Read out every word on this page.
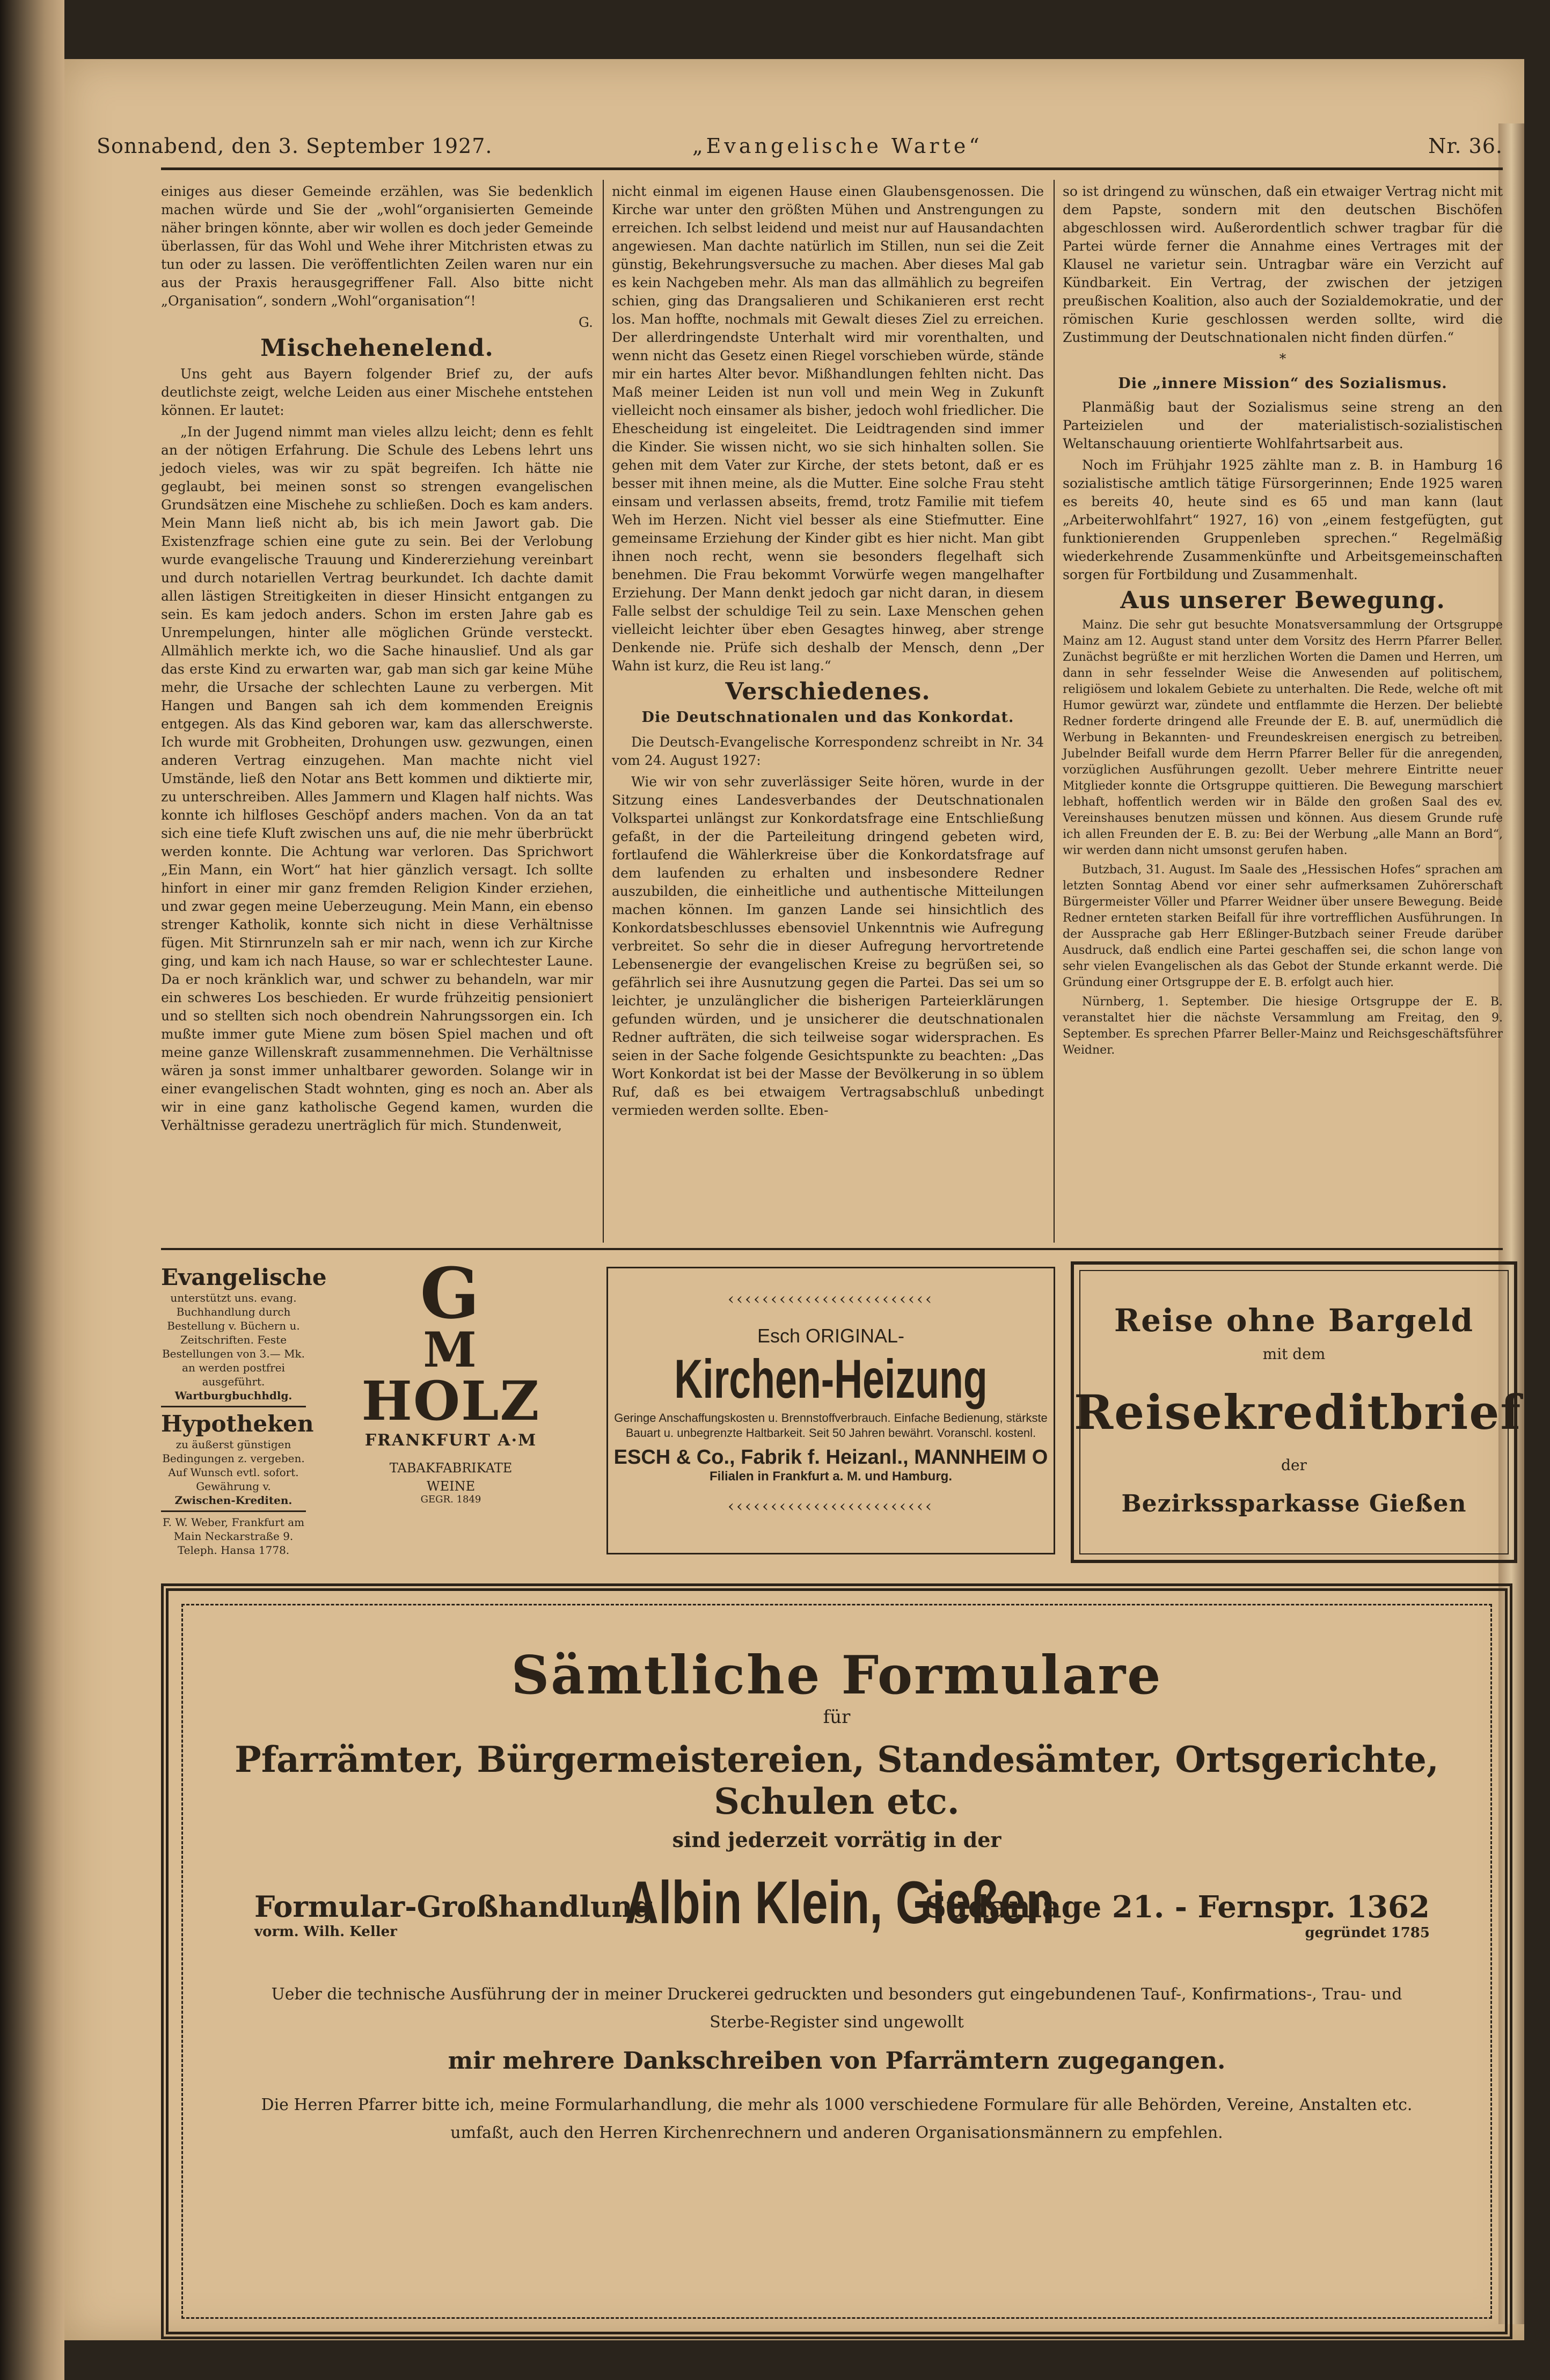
Sonnabend, den 3. September 1927.	„Evangelische Warte“	Nr. 36.

einiges aus dieser Gemeinde erzählen, was Sie bedenklich machen würde und Sie der „wohl“organisierten Gemeinde näher bringen könnte, aber wir wollen es doch jeder Gemeinde überlassen, für das Wohl und Wehe ihrer Mitchristen etwas zu tun oder zu lassen. Die veröffentlichten Zeilen waren nur ein aus der Praxis herausgegriffener Fall. Also bitte nicht „Organisation“, sondern „Wohl“organisation“!

G.

Mischehenelend.

Uns geht aus Bayern folgender Brief zu, der aufs deutlichste zeigt, welche Leiden aus einer Mischehe entstehen können. Er lautet:

„In der Jugend nimmt man vieles allzu leicht; denn es fehlt an der nötigen Erfahrung. Die Schule des Lebens lehrt uns jedoch vieles, was wir zu spät begreifen. Ich hätte nie geglaubt, bei meinen sonst so strengen evangelischen Grundsätzen eine Mischehe zu schließen. Doch es kam anders. Mein Mann ließ nicht ab, bis ich mein Jawort gab. Die Existenzfrage schien eine gute zu sein. Bei der Verlobung wurde evangelische Trauung und Kindererziehung vereinbart und durch notariellen Vertrag beurkundet. Ich dachte damit allen lästigen Streitigkeiten in dieser Hinsicht entgangen zu sein. Es kam jedoch anders. Schon im ersten Jahre gab es Unrempelungen, hinter alle möglichen Gründe versteckt. Allmählich merkte ich, wo die Sache hinauslief. Und als gar das erste Kind zu erwarten war, gab man sich gar keine Mühe mehr, die Ursache der schlechten Laune zu verbergen. Mit Hangen und Bangen sah ich dem kommenden Ereignis entgegen. Als das Kind geboren war, kam das allerschwerste. Ich wurde mit Grobheiten, Drohungen usw. gezwungen, einen anderen Vertrag einzugehen. Man machte nicht viel Umstände, ließ den Notar ans Bett kommen und diktierte mir, zu unterschreiben. Alles Jammern und Klagen half nichts. Was konnte ich hilfloses Geschöpf anders machen. Von da an tat sich eine tiefe Kluft zwischen uns auf, die nie mehr überbrückt werden konnte. Die Achtung war verloren. Das Sprichwort „Ein Mann, ein Wort“ hat hier gänzlich versagt. Ich sollte hinfort in einer mir ganz fremden Religion Kinder erziehen, und zwar gegen meine Ueberzeugung. Mein Mann, ein ebenso strenger Katholik, konnte sich nicht in diese Verhältnisse fügen. Mit Stirnrunzeln sah er mir nach, wenn ich zur Kirche ging, und kam ich nach Hause, so war er schlechtester Laune. Da er noch kränklich war, und schwer zu behandeln, war mir ein schweres Los beschieden. Er wurde frühzeitig pensioniert und so stellten sich noch obendrein Nahrungssorgen ein. Ich mußte immer gute Miene zum bösen Spiel machen und oft meine ganze Willenskraft zusammennehmen. Die Verhältnisse wären ja sonst immer unhaltbarer geworden. Solange wir in einer evangelischen Stadt wohnten, ging es noch an. Aber als wir in eine ganz katholische Gegend kamen, wurden die Verhältnisse geradezu unerträglich für mich. Stundenweit,

nicht einmal im eigenen Hause einen Glaubensgenossen. Die Kirche war unter den größten Mühen und Anstrengungen zu erreichen. Ich selbst leidend und meist nur auf Hausandachten angewiesen. Man dachte natürlich im Stillen, nun sei die Zeit günstig, Bekehrungsversuche zu machen. Aber dieses Mal gab es kein Nachgeben mehr. Als man das allmählich zu begreifen schien, ging das Drangsalieren und Schikanieren erst recht los. Man hoffte, nochmals mit Gewalt dieses Ziel zu erreichen. Der allerdringendste Unterhalt wird mir vorenthalten, und wenn nicht das Gesetz einen Riegel vorschieben würde, stände mir ein hartes Alter bevor. Mißhandlungen fehlten nicht. Das Maß meiner Leiden ist nun voll und mein Weg in Zukunft vielleicht noch einsamer als bisher, jedoch wohl friedlicher. Die Ehescheidung ist eingeleitet. Die Leidtragenden sind immer die Kinder. Sie wissen nicht, wo sie sich hinhalten sollen. Sie gehen mit dem Vater zur Kirche, der stets betont, daß er es besser mit ihnen meine, als die Mutter. Eine solche Frau steht einsam und verlassen abseits, fremd, trotz Familie mit tiefem Weh im Herzen. Nicht viel besser als eine Stiefmutter. Eine gemeinsame Erziehung der Kinder gibt es hier nicht. Man gibt ihnen noch recht, wenn sie besonders flegelhaft sich benehmen. Die Frau bekommt Vorwürfe wegen mangelhafter Erziehung. Der Mann denkt jedoch gar nicht daran, in diesem Falle selbst der schuldige Teil zu sein. Laxe Menschen gehen vielleicht leichter über eben Gesagtes hinweg, aber strenge Denkende nie. Prüfe sich deshalb der Mensch, denn „Der Wahn ist kurz, die Reu ist lang.“

Verschiedenes.
Die Deutschnationalen und das Konkordat.

Die Deutsch-Evangelische Korrespondenz schreibt in Nr. 34 vom 24. August 1927:

Wie wir von sehr zuverlässiger Seite hören, wurde in der Sitzung eines Landesverbandes der Deutschnationalen Volkspartei unlängst zur Konkordatsfrage eine Entschließung gefaßt, in der die Parteileitung dringend gebeten wird, fortlaufend die Wählerkreise über die Konkordatsfrage auf dem laufenden zu erhalten und insbesondere Redner auszubilden, die einheitliche und authentische Mitteilungen machen können. Im ganzen Lande sei hinsichtlich des Konkordatsbeschlusses ebensoviel Unkenntnis wie Aufregung verbreitet. So sehr die in dieser Aufregung hervortretende Lebensenergie der evangelischen Kreise zu begrüßen sei, so gefährlich sei ihre Ausnutzung gegen die Partei. Das sei um so leichter, je unzulänglicher die bisherigen Parteierklärungen gefunden würden, und je unsicherer die deutschnationalen Redner aufträten, die sich teilweise sogar widersprachen. Es seien in der Sache folgende Gesichtspunkte zu beachten: „Das Wort Konkordat ist bei der Masse der Bevölkerung in so üblem Ruf, daß es bei etwaigem Vertragsabschluß unbedingt vermieden werden sollte. Eben-

so ist dringend zu wünschen, daß ein etwaiger Vertrag nicht mit dem Papste, sondern mit den deutschen Bischöfen abgeschlossen wird. Außerordentlich schwer tragbar für die Partei würde ferner die Annahme eines Vertrages mit der Klausel ne varietur sein. Untragbar wäre ein Verzicht auf Kündbarkeit. Ein Vertrag, der zwischen der jetzigen preußischen Koalition, also auch der Sozialdemokratie, und der römischen Kurie geschlossen werden sollte, wird die Zustimmung der Deutschnationalen nicht finden dürfen.“

*

Die „innere Mission“ des Sozialismus.

Planmäßig baut der Sozialismus seine streng an den Parteizielen und der materialistisch-sozialistischen Weltanschauung orientierte Wohlfahrtsarbeit aus.

Noch im Frühjahr 1925 zählte man z. B. in Hamburg 16 sozialistische amtlich tätige Fürsorgerinnen; Ende 1925 waren es bereits 40, heute sind es 65 und man kann (laut „Arbeiterwohlfahrt“ 1927, 16) von „einem festgefügten, gut funktionierenden Gruppenleben sprechen.“ Regelmäßig wiederkehrende Zusammenkünfte und Arbeitsgemeinschaften sorgen für Fortbildung und Zusammenhalt.

Aus unserer Bewegung.

Mainz. Die sehr gut besuchte Monatsversammlung der Ortsgruppe Mainz am 12. August stand unter dem Vorsitz des Herrn Pfarrer Beller. Zunächst begrüßte er mit herzlichen Worten die Damen und Herren, um dann in sehr fesselnder Weise die Anwesenden auf politischem, religiösem und lokalem Gebiete zu unterhalten. Die Rede, welche oft mit Humor gewürzt war, zündete und entflammte die Herzen. Der beliebte Redner forderte dringend alle Freunde der E. B. auf, unermüdlich die Werbung in Bekannten- und Freundeskreisen energisch zu betreiben. Jubelnder Beifall wurde dem Herrn Pfarrer Beller für die anregenden, vorzüglichen Ausführungen gezollt. Ueber mehrere Eintritte neuer Mitglieder konnte die Ortsgruppe quittieren. Die Bewegung marschiert lebhaft, hoffentlich werden wir in Bälde den großen Saal des ev. Vereinshauses benutzen müssen und können. Aus diesem Grunde rufe ich allen Freunden der E. B. zu: Bei der Werbung „alle Mann an Bord“, wir werden dann nicht umsonst gerufen haben.

Butzbach, 31. August. Im Saale des „Hessischen Hofes“ sprachen am letzten Sonntag Abend vor einer sehr aufmerksamen Zuhörerschaft Bürgermeister Völler und Pfarrer Weidner über unsere Bewegung. Beide Redner ernteten starken Beifall für ihre vortrefflichen Ausführungen. In der Aussprache gab Herr Eßlinger-Butzbach seiner Freude darüber Ausdruck, daß endlich eine Partei geschaffen sei, die schon lange von sehr vielen Evangelischen als das Gebot der Stunde erkannt werde. Die Gründung einer Ortsgruppe der E. B. erfolgt auch hier.

Nürnberg, 1. September. Die hiesige Ortsgruppe der E. B. veranstaltet hier die nächste Versammlung am Freitag, den 9. September. Es sprechen Pfarrer Beller-Mainz und Reichsgeschäftsführer Weidner.

Evangelische

unterstützt uns. evang. Buchhandlung durch Bestellung v. Büchern u. Zeitschriften. Feste Bestellungen von 3.— Mk. an werden postfrei ausgeführt.

Wartburgbuchhdlg.

Hypotheken

zu äußerst günstigen Bedingungen z. vergeben. Auf Wunsch evtl. sofort. Gewährung v.

Zwischen-Krediten.

F. W. Weber, Frankfurt am Main Neckarstraße 9. Teleph. Hansa 1778.

G
M
HOLZ
FRANKFURT A·M
TABAKFABRIKATE
WEINE
GEGR. 1849
‹‹‹‹‹‹‹‹‹‹‹‹‹‹‹‹‹‹‹‹‹‹‹‹
Esch ORIGINAL-
Kirchen-Heizung
Geringe Anschaffungskosten u. Brennstoffverbrauch. Einfache Bedienung, stärkste Bauart u. unbegrenzte Haltbarkeit. Seit 50 Jahren bewährt. Voranschl. kostenl.
ESCH & Co., Fabrik f. Heizanl., MANNHEIM O
Filialen in Frankfurt a. M. und Hamburg.
‹‹‹‹‹‹‹‹‹‹‹‹‹‹‹‹‹‹‹‹‹‹‹‹
Reise ohne Bargeld
mit dem
Reisekreditbrief
der
Bezirkssparkasse Gießen
Sämtliche Formulare
für
Pfarrämter, Bürgermeistereien, Standesämter, Ortsgerichte, Schulen etc.
sind jederzeit vorrätig in der
Formular-Großhandlung
vorm. Wilh. Keller	Albin Klein, Gießen
Südanlage 21. - Fernspr. 1362
gegründet 1785
Ueber die technische Ausführung der in meiner Druckerei gedruckten und besonders gut eingebundenen Tauf-, Konfirmations-, Trau- und Sterbe-Register sind ungewollt
mir mehrere Dankschreiben von Pfarrämtern zugegangen.
Die Herren Pfarrer bitte ich, meine Formularhandlung, die mehr als 1000 verschiedene Formulare für alle Behörden, Vereine, Anstalten etc. umfaßt, auch den Herren Kirchenrechnern und anderen Organisationsmännern zu empfehlen.
